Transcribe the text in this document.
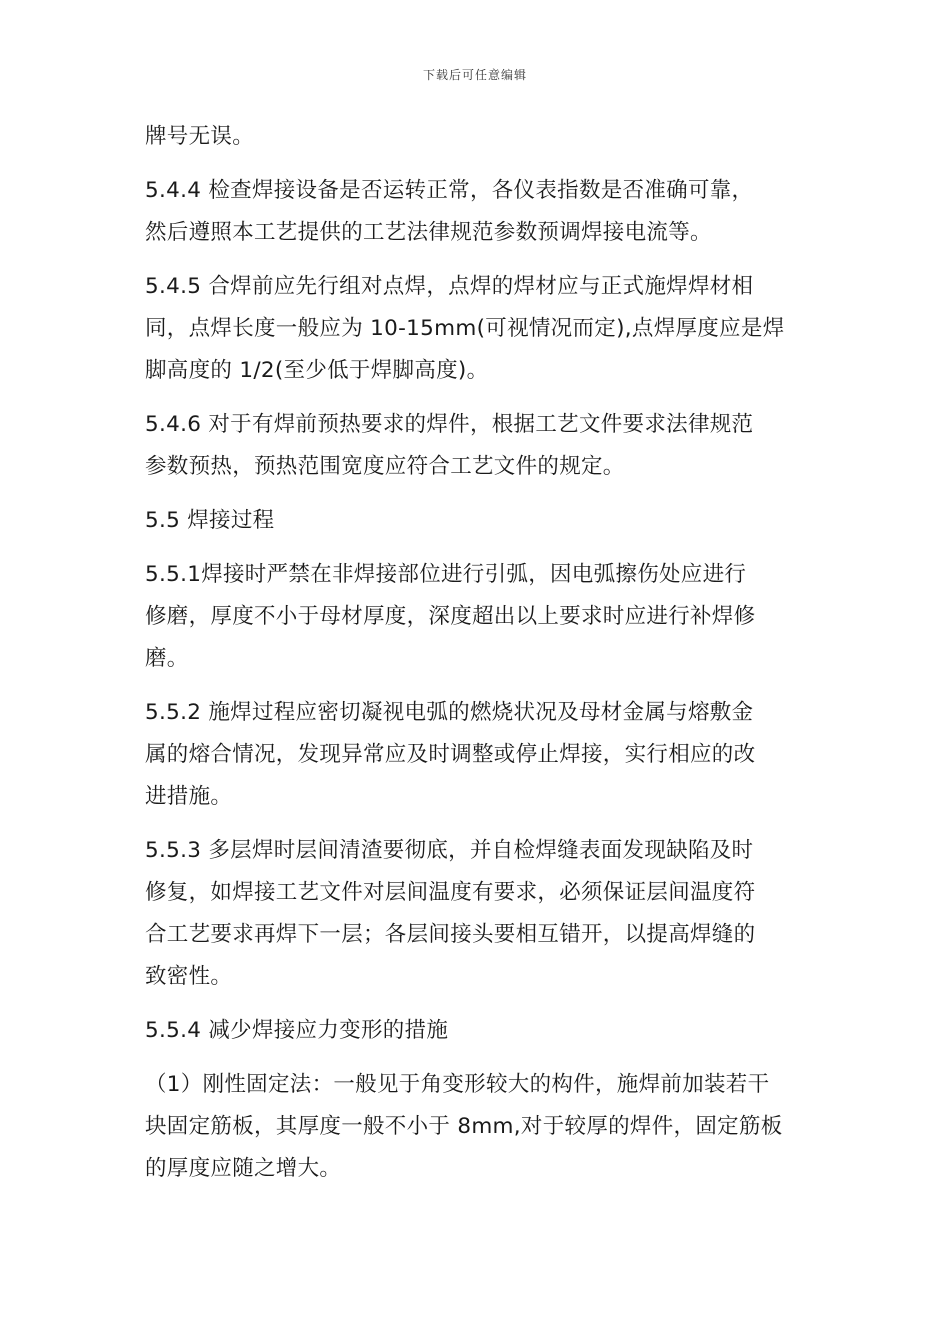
下载后可任意编辑

牌号无误。

5.4.4 检查焊接设备是否运转正常，各仪表指数是否准确可靠，
然后遵照本工艺提供的工艺法律规范参数预调焊接电流等。

5.4.5 合焊前应先行组对点焊，点焊的焊材应与正式施焊焊材相
同，点焊长度一般应为 10-15mm(可视情况而定),点焊厚度应是焊
脚高度的 1/2(至少低于焊脚高度)。

5.4.6 对于有焊前预热要求的焊件，根据工艺文件要求法律规范
参数预热，预热范围宽度应符合工艺文件的规定。

5.5 焊接过程

5.5.1焊接时严禁在非焊接部位进行引弧，因电弧擦伤处应进行
修磨，厚度不小于母材厚度，深度超出以上要求时应进行补焊修
磨。

5.5.2 施焊过程应密切凝视电弧的燃烧状况及母材金属与熔敷金
属的熔合情况，发现异常应及时调整或停止焊接，实行相应的改
进措施。

5.5.3 多层焊时层间清渣要彻底，并自检焊缝表面发现缺陷及时
修复，如焊接工艺文件对层间温度有要求，必须保证层间温度符
合工艺要求再焊下一层；各层间接头要相互错开，以提高焊缝的
致密性。

5.5.4 减少焊接应力变形的措施

（1）刚性固定法：一般见于角变形较大的构件，施焊前加装若干
块固定筋板，其厚度一般不小于 8mm,对于较厚的焊件，固定筋板
的厚度应随之增大。
